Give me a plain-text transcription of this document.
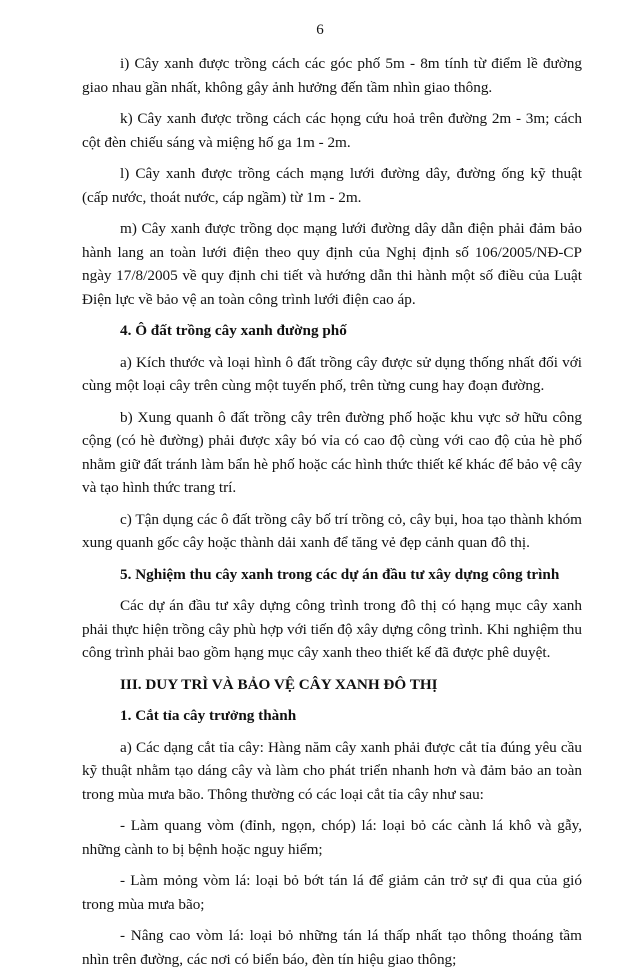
6

i) Cây xanh được trồng cách các góc phố 5m - 8m tính từ điểm lề đường giao nhau gần nhất, không gây ảnh hưởng đến tầm nhìn giao thông.

k) Cây xanh được trồng cách các họng cứu hoả trên đường 2m - 3m; cách cột đèn chiếu sáng và miệng hố ga 1m - 2m.

l) Cây xanh được trồng cách mạng lưới đường dây, đường ống kỹ thuật (cấp nước, thoát nước, cáp ngầm) từ 1m - 2m.

m) Cây xanh được trồng dọc mạng lưới đường dây dẫn điện phải đảm bảo hành lang an toàn lưới điện theo quy định của Nghị định số 106/2005/NĐ-CP ngày 17/8/2005 về quy định chi tiết và hướng dẫn thi hành một số điều của Luật Điện lực về bảo vệ an toàn công trình lưới điện cao áp.

4. Ô đất trồng cây xanh đường phố

a) Kích thước và loại hình ô đất trồng cây được sử dụng thống nhất đối với cùng một loại cây trên cùng một tuyến phố, trên từng cung hay đoạn đường.

b) Xung quanh ô đất trồng cây trên đường phố hoặc khu vực sở hữu công cộng (có hè đường) phải được xây bó vỉa có cao độ cùng với cao độ của hè phố nhằm giữ đất tránh làm bẩn hè phố hoặc các hình thức thiết kế khác để bảo vệ cây và tạo hình thức trang trí.

c) Tận dụng các ô đất trồng cây bố trí trồng cỏ, cây bụi, hoa tạo thành khóm xung quanh gốc cây hoặc thành dải xanh để tăng vẻ đẹp cảnh quan đô thị.

5. Nghiệm thu cây xanh trong các dự án đầu tư xây dựng công trình

Các dự án đầu tư xây dựng công trình trong đô thị có hạng mục cây xanh phải thực hiện trồng cây phù hợp với tiến độ xây dựng công trình. Khi nghiệm thu công trình phải bao gồm hạng mục cây xanh theo thiết kế đã được phê duyệt.

III. DUY TRÌ VÀ BẢO VỆ CÂY XANH ĐÔ THỊ

1. Cắt tỉa cây trưởng thành

a) Các dạng cắt tỉa cây: Hàng năm cây xanh phải được cắt tỉa đúng yêu cầu kỹ thuật nhằm tạo dáng cây và làm cho phát triển nhanh hơn và đảm bảo an toàn trong mùa mưa bão. Thông thường có các loại cắt tỉa cây như sau:

- Làm quang vòm (đỉnh, ngọn, chóp) lá: loại bỏ các cành lá khô và gẫy, những cành to bị bệnh hoặc nguy hiểm;

- Làm mỏng vòm lá: loại bỏ bớt tán lá để giảm cản trở sự đi qua của gió trong mùa mưa bão;

- Nâng cao vòm lá: loại bỏ những tán lá thấp nhất tạo thông thoáng tầm nhìn trên đường, các nơi có biển báo, đèn tín hiệu giao thông;
